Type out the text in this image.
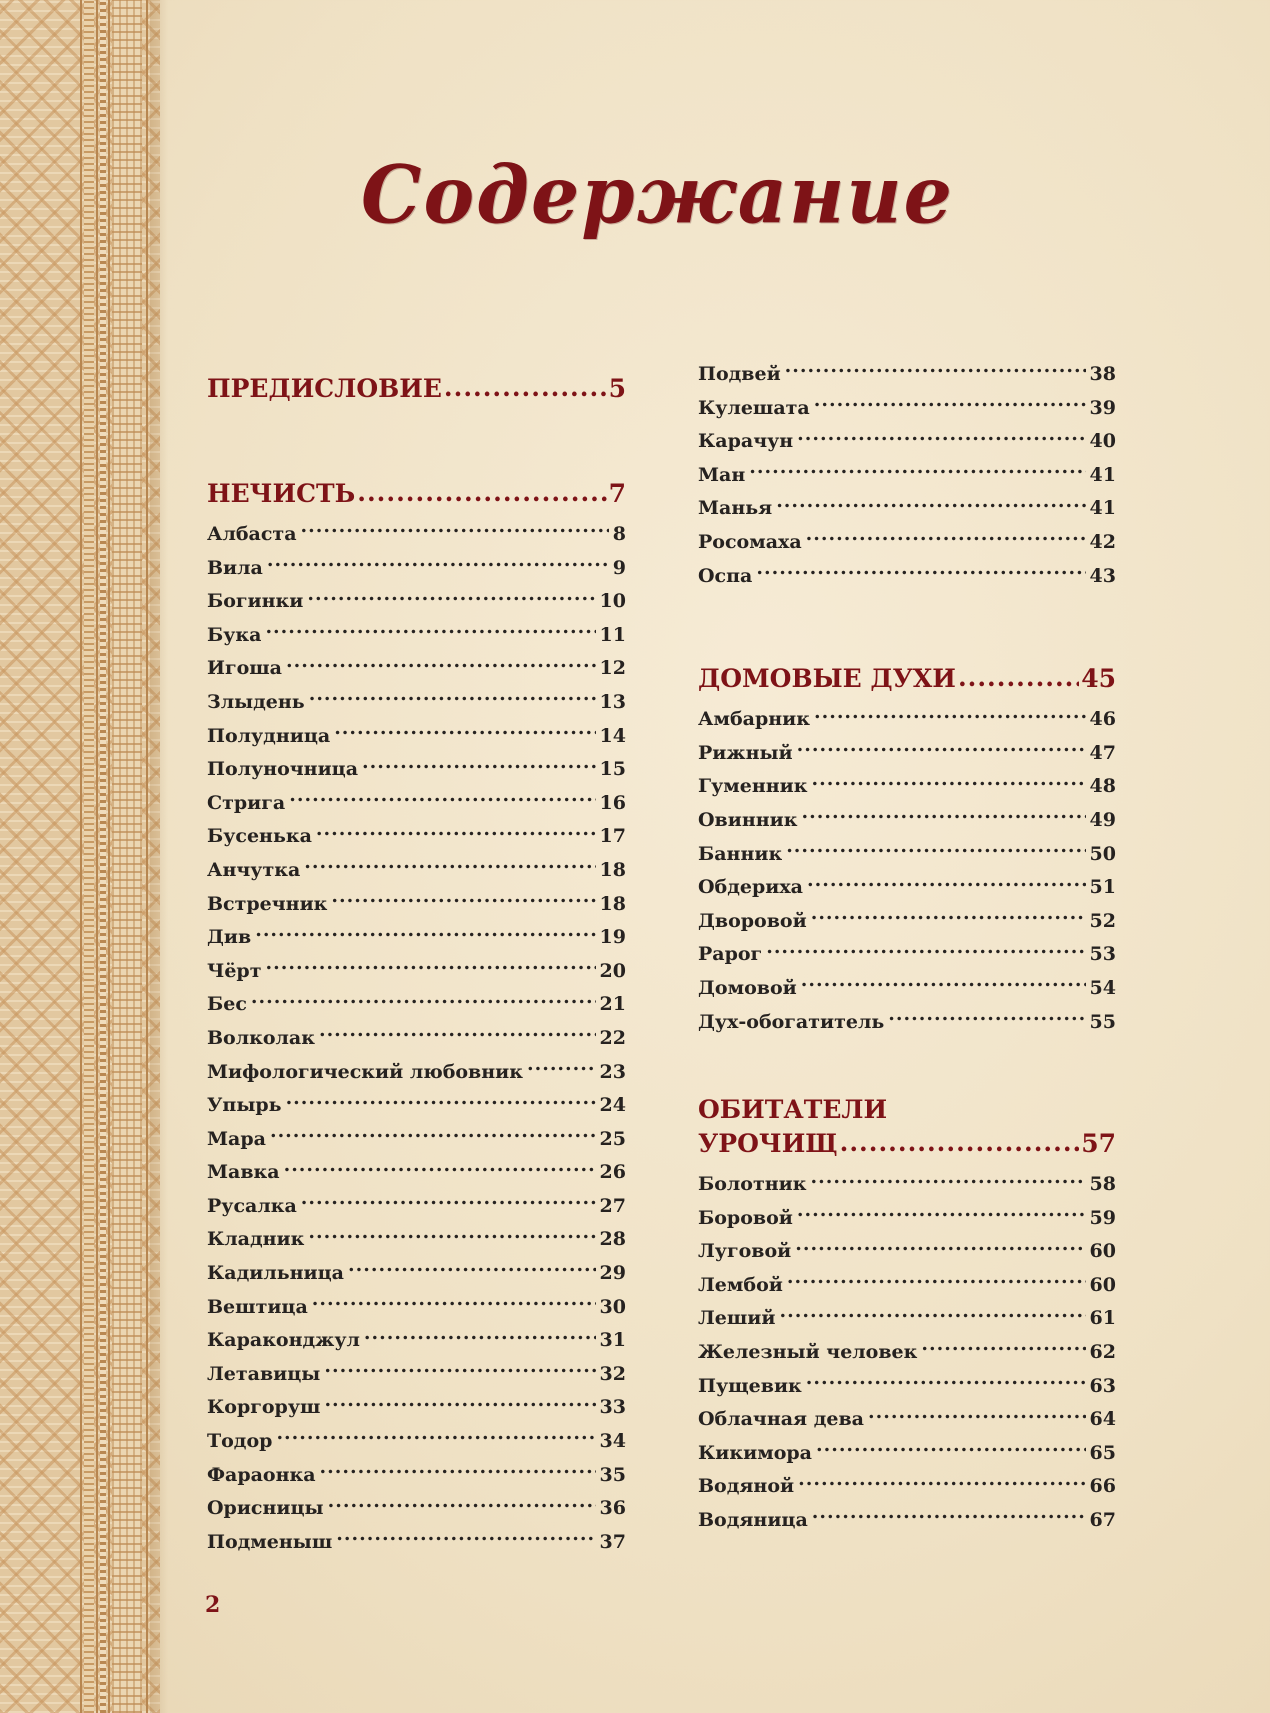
Содержание
ПРЕДИСЛОВИЕ .....	5
НЕЧИСТЬ .....	7
Албаста .....	8
Вила .....	9
Богинки .....	10
Бука .....	11
Игоша .....	12
Злыдень .....	13
Полудница .....	14
Полуночница .....	15
Стрига .....	16
Бусенька .....	17
Анчутка .....	18
Встречник .....	18
Див .....	19
Чёрт .....	20
Бес .....	21
Волколак .....	22
Мифологический любовник .....	23
Упырь .....	24
Мара .....	25
Мавка .....	26
Русалка .....	27
Кладник .....	28
Кадильница .....	29
Вештица .....	30
Караконджул .....	31
Летавицы .....	32
Коргоруш .....	33
Тодор .....	34
Фараонка .....	35
Орисницы .....	36
Подменыш .....	37
Подвей .....	38
Кулешата .....	39
Карачун .....	40
Ман .....	41
Манья .....	41
Росомаха .....	42
Оспа .....	43
ДОМОВЫЕ ДУХИ .....	45
Амбарник .....	46
Рижный .....	47
Гуменник .....	48
Овинник .....	49
Банник .....	50
Обдериха .....	51
Дворовой .....	52
Рарог .....	53
Домовой .....	54
Дух-обогатитель .....	55
ОБИТАТЕЛИ
УРОЧИЩ .....	57
Болотник .....	58
Боровой .....	59
Луговой .....	60
Лембой .....	60
Леший .....	61
Железный человек .....	62
Пущевик .....	63
Облачная дева .....	64
Кикимора .....	65
Водяной .....	66
Водяница .....	67
2
